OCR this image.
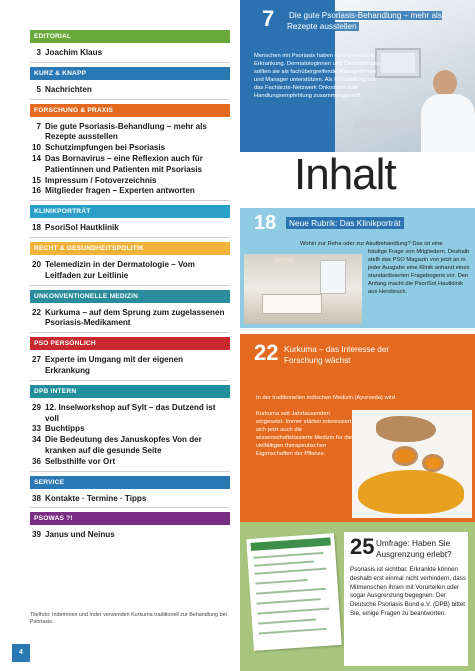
EDITORIAL
3 Joachim Klaus
KURZ & KNAPP
5 Nachrichten
FORSCHUNG & PRAXIS
7 Die gute Psoriasis-Behandlung – mehr als Rezepte ausstellen
10 Schutzimpfungen bei Psoriasis
14 Das Bornavirus – eine Reflexion auch für Patientinnen und Patienten mit Psoriasis
15 Impressum / Fotoverzeichnis
16 Mitglieder fragen – Experten antworten
KLINIKPORTRÄT
18 PsoriSol Hautklinik
RECHT & GESUNDHEITSPOLITIK
20 Telemedizin in der Dermatologie – Vom Leitfaden zur Leitlinie
UNKONVENTIONELLE MEDIZIN
22 Kurkuma – auf dem Sprung zum zugelassenen Psoriasis-Medikament
PSO PERSÖNLICH
27 Experte im Umgang mit der eigenen Erkrankung
DPB INTERN
29 12. Inselworkshop auf Sylt – das Dutzend ist voll
33 Buchtipps
34 Die Bedeutung des Januskopfes Von der kranken auf die gesunde Seite
36 Selbsthilfe vor Ort
SERVICE
38 Kontakte · Termine · Tipps
PSOWAS ?!
39 Janus und Neinus
Titelfoto: Inderinnen und Inder verwenden Kurkuma traditionell zur Behandlung bei Psoriasis.
4
7 Die gute Psoriasis-Behandlung – mehr als Rezepte ausstellen
Menschen mit Psoriasis haben eine chronische Erkrankung. Dermatologinnen und Dermatologen sollten sie als fachübergreifende Managerinnen und Manager unterstützen. Als Hilfestellung hat das Fachärzte-Netzwerk Onkoderm eine Handlungsempfehlung zusammengestellt.
Inhalt
18	Neue Rubrik: Das Klinikporträt
Wohin zur Reha oder zur Akutbehandlung? Das ist eine
häufige Frage von Mitgliedern. Deshalb stellt das PSO Magazin von jetzt an in jeder Ausgabe eine Klinik anhand eines standardisierten Fragebogens vor. Den Anfang macht die PsoriSol Hautklinik aus Hersbruck.
22 Kurkuma – das Interesse der Forschung wächst
In der traditionellen indischen Medizin (Ayurveda) wird
Kurkuma seit Jahrtausenden eingesetzt. Immer stärker interessiert sich jetzt auch die wissenschaftsbasierte Medizin für die vielfältigen therapeutischen Eigenschaften der Pflanze.
25 Umfrage: Haben Sie Ausgrenzung erlebt?
Psoriasis ist sichtbar. Erkrankte können deshalb erst einmal nicht verhindern, dass Mitmenschen ihnen mit Vorurteilen oder sogar Ausgrenzung begegnen. Der Deutsche Psoriasis Bund e.V. (DPB) bittet Sie, einige Fragen zu beantworten.
